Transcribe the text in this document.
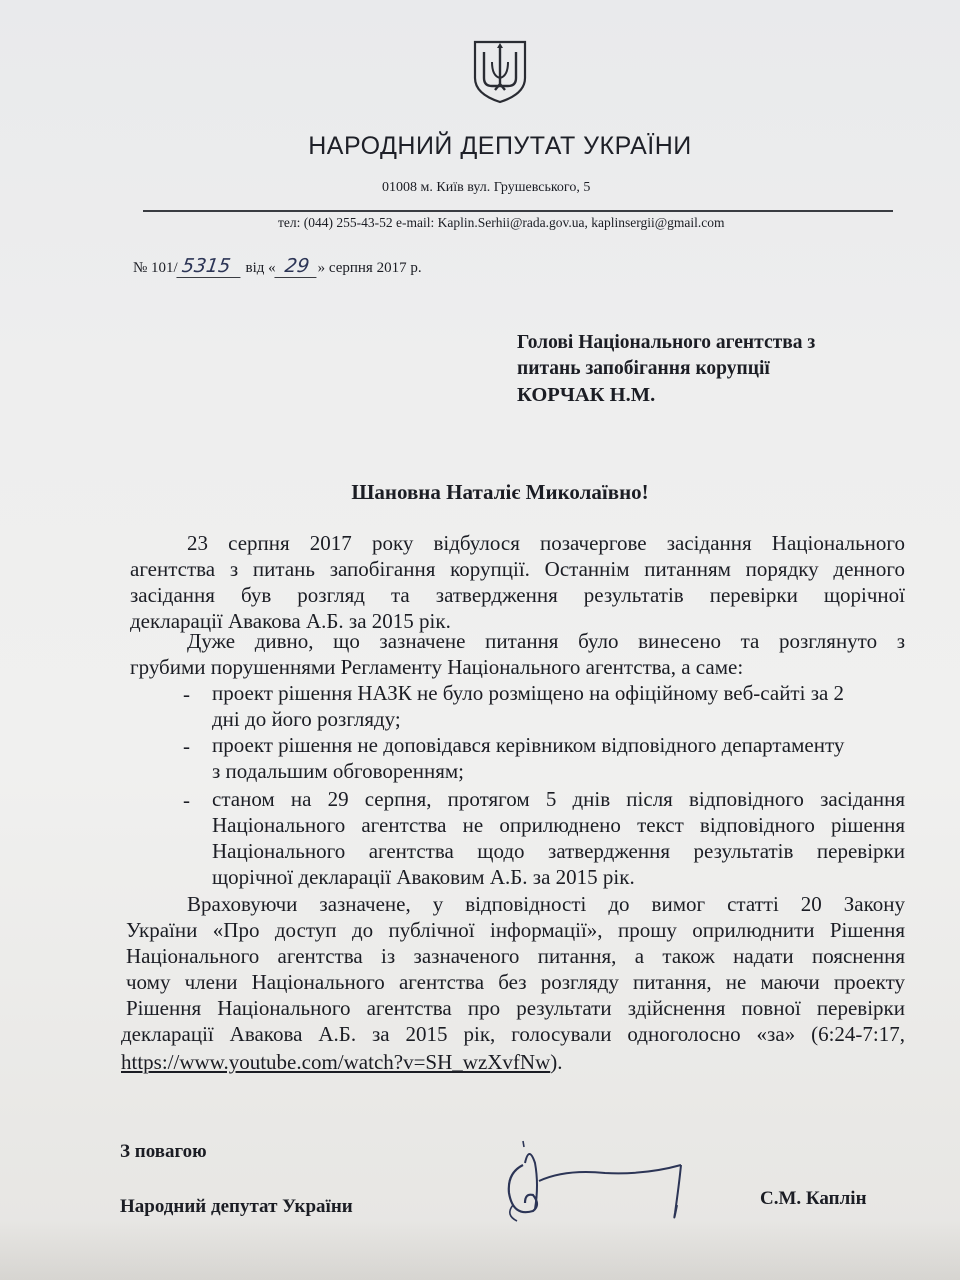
НАРОДНИЙ ДЕПУТАТ УКРАЇНИ
01008 м. Київ вул. Грушевського, 5
тел: (044) 255-43-52 e-mail: Kaplin.Serhii@rada.gov.ua, kaplinsergii@gmail.com
№ 101/ 5315 від « 29 » серпня 2017 р.
Голові Національного агентства з
питань запобігання корупції
КОРЧАК Н.М.
Шановна Наталіє Миколаївно!
23 серпня 2017 року відбулося позачергове засідання Національного
агентства з питань запобігання корупції. Останнім питанням порядку денного
засідання був розгляд та затвердження результатів перевірки щорічної
декларації Авакова А.Б. за 2015 рік.
Дуже дивно, що зазначене питання було винесено та розглянуто з
грубими порушеннями Регламенту Національного агентства, а саме:
- проект рішення НАЗК не було розміщено на офіційному веб-сайті за 2
дні до його розгляду;
- проект рішення не доповідався керівником відповідного департаменту
з подальшим обговоренням;
- станом на 29 серпня, протягом 5 днів після відповідного засідання
Національного агентства не оприлюднено текст відповідного рішення
Національного агентства щодо затвердження результатів перевірки
щорічної декларації Аваковим А.Б. за 2015 рік.
Враховуючи зазначене, у відповідності до вимог статті 20 Закону
України «Про доступ до публічної інформації», прошу оприлюднити Рішення
Національного агентства із зазначеного питання, а також надати пояснення
чому члени Національного агентства без розгляду питання, не маючи проекту
Рішення Національного агентства про результати здійснення повної перевірки
декларації Авакова А.Б. за 2015 рік, голосували одноголосно «за» (6:24-7:17,
https://www.youtube.com/watch?v=SH_wzXvfNw).
З повагою
Народний депутат України	С.М. Каплін
